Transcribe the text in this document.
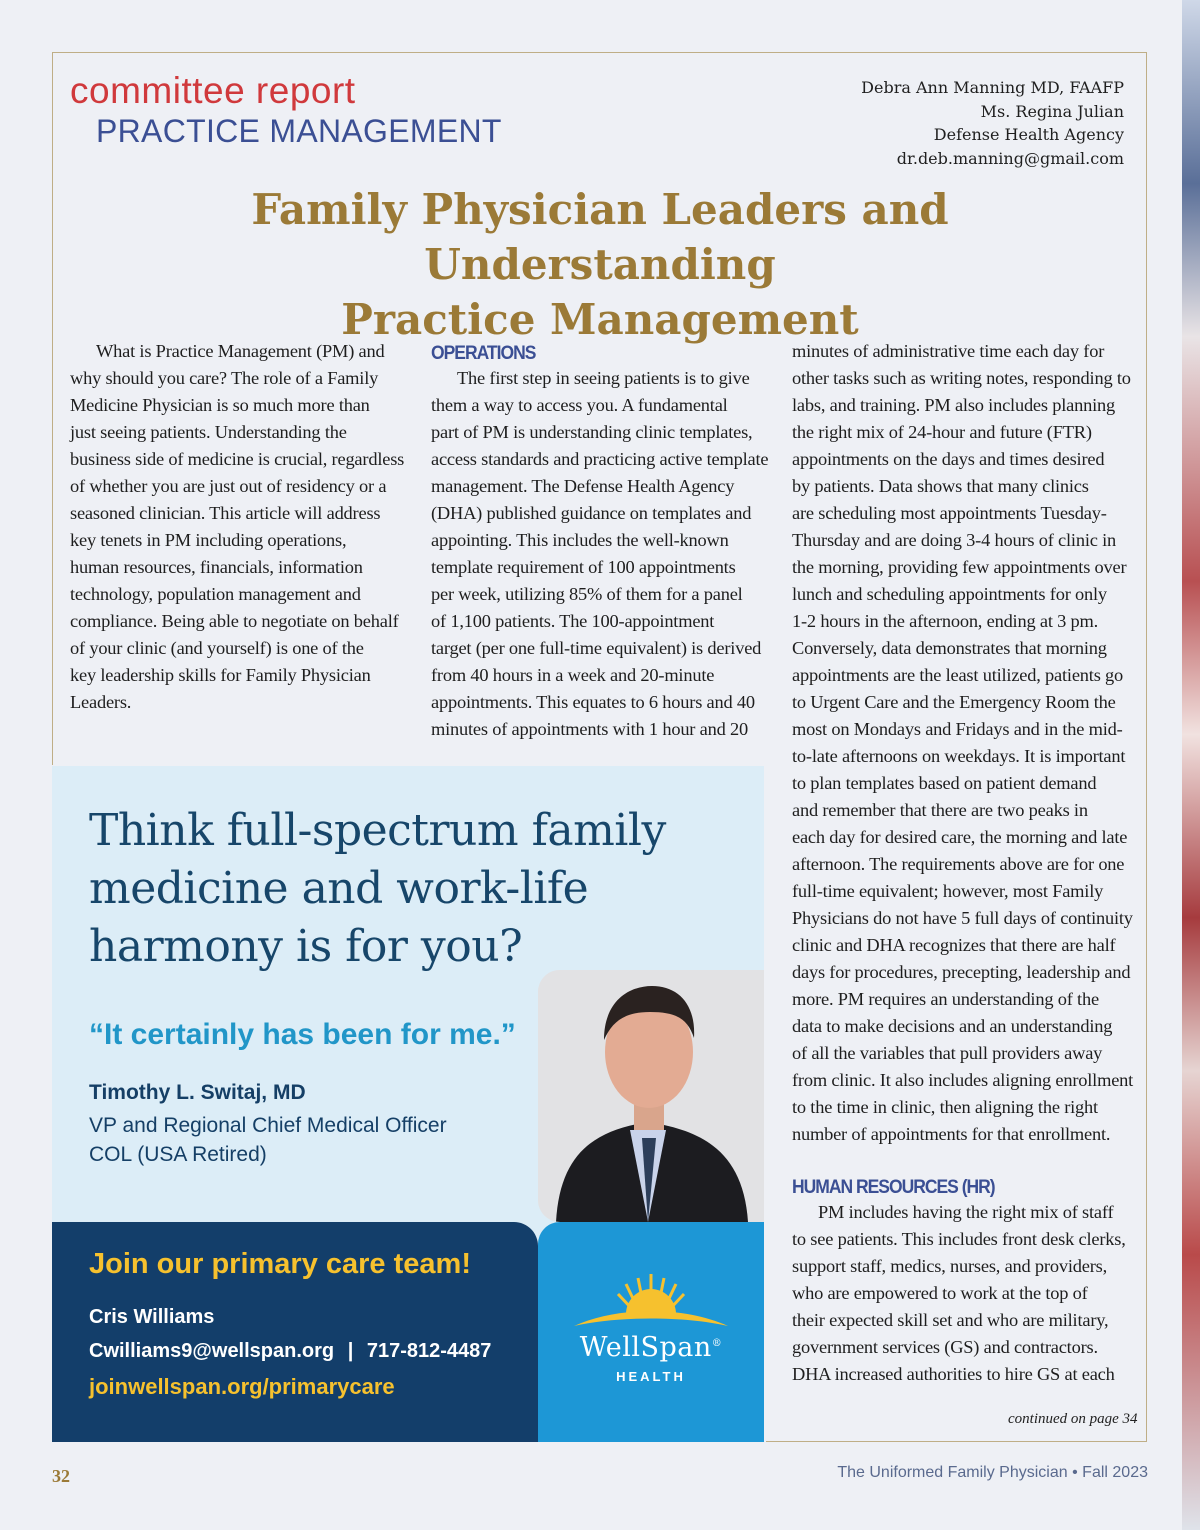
committee report
PRACTICE MANAGEMENT
Debra Ann Manning MD, FAAFP
Ms. Regina Julian
Defense Health Agency
dr.deb.manning@gmail.com
Family Physician Leaders and Understanding
Practice Management
What is Practice Management (PM) and
why should you care? The role of a Family
Medicine Physician is so much more than
just seeing patients. Understanding the
business side of medicine is crucial, regardless
of whether you are just out of residency or a
seasoned clinician. This article will address
key tenets in PM including operations,
human resources, financials, information
technology, population management and
compliance. Being able to negotiate on behalf
of your clinic (and yourself) is one of the
key leadership skills for Family Physician
Leaders.
OPERATIONS
The first step in seeing patients is to give
them a way to access you. A fundamental
part of PM is understanding clinic templates,
access standards and practicing active template
management. The Defense Health Agency
(DHA) published guidance on templates and
appointing. This includes the well-known
template requirement of 100 appointments
per week, utilizing 85% of them for a panel
of 1,100 patients. The 100-appointment
target (per one full-time equivalent) is derived
from 40 hours in a week and 20-minute
appointments. This equates to 6 hours and 40
minutes of appointments with 1 hour and 20
minutes of administrative time each day for
other tasks such as writing notes, responding to
labs, and training. PM also includes planning
the right mix of 24-hour and future (FTR)
appointments on the days and times desired
by patients. Data shows that many clinics
are scheduling most appointments Tuesday-
Thursday and are doing 3-4 hours of clinic in
the morning, providing few appointments over
lunch and scheduling appointments for only
1-2 hours in the afternoon, ending at 3 pm.
Conversely, data demonstrates that morning
appointments are the least utilized, patients go
to Urgent Care and the Emergency Room the
most on Mondays and Fridays and in the mid-
to-late afternoons on weekdays. It is important
to plan templates based on patient demand
and remember that there are two peaks in
each day for desired care, the morning and late
afternoon. The requirements above are for one
full-time equivalent; however, most Family
Physicians do not have 5 full days of continuity
clinic and DHA recognizes that there are half
days for procedures, precepting, leadership and
more. PM requires an understanding of the
data to make decisions and an understanding
of all the variables that pull providers away
from clinic. It also includes aligning enrollment
to the time in clinic, then aligning the right
number of appointments for that enrollment.
HUMAN RESOURCES (HR)
PM includes having the right mix of staff
to see patients. This includes front desk clerks,
support staff, medics, nurses, and providers,
who are empowered to work at the top of
their expected skill set and who are military,
government services (GS) and contractors.
DHA increased authorities to hire GS at each
continued on page 34
Think full-spectrum family
medicine and work-life
harmony is for you?
“It certainly has been for me.”
Timothy L. Switaj, MD
VP and Regional Chief Medical Officer
COL (USA Retired)
Join our primary care team!
Cris Williams
Cwilliams9@wellspan.org | 717-812-4487
joinwellspan.org/primarycare
WellSpan®
HEALTH
32	The Uniformed Family Physician • Fall 2023
